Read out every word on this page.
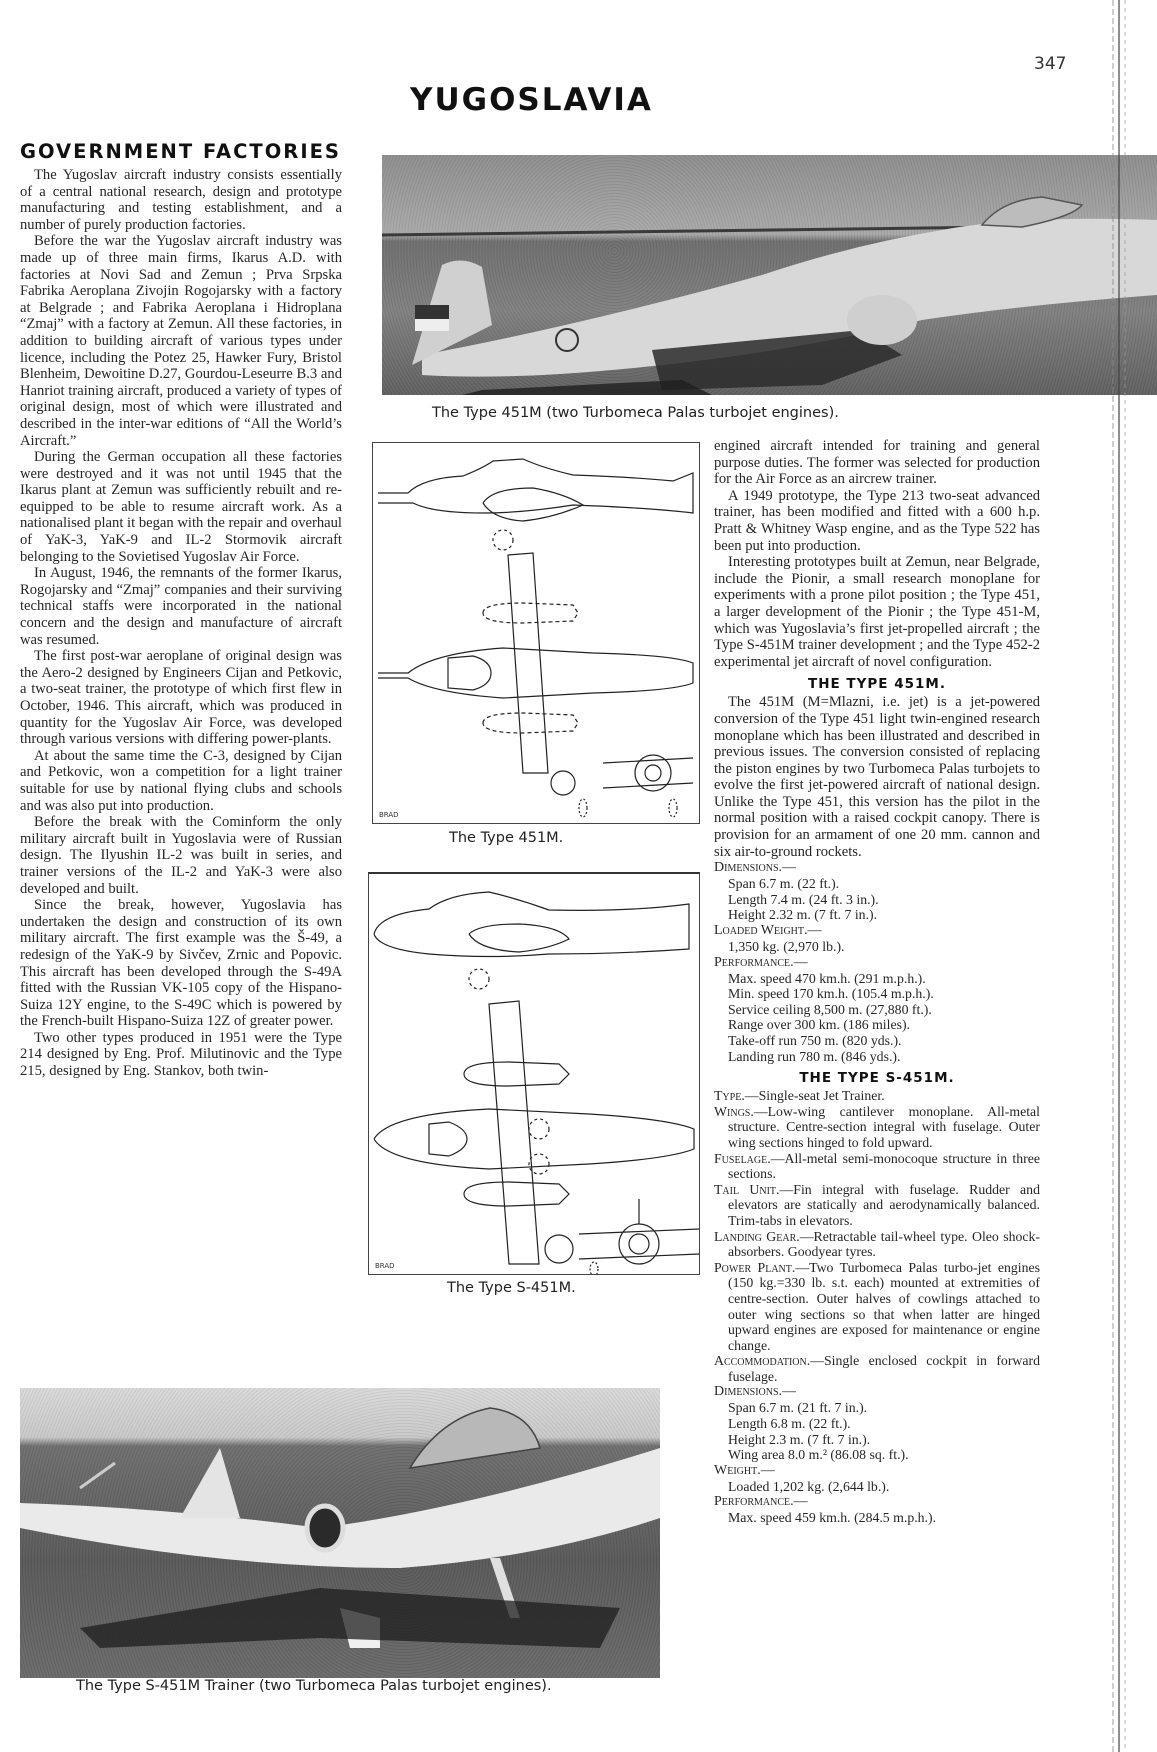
347
YUGOSLAVIA
GOVERNMENT FACTORIES

The Yugoslav aircraft industry consists essentially of a central national research, design and prototype manufacturing and testing establishment, and a number of purely production factories.

Before the war the Yugoslav aircraft industry was made up of three main firms, Ikarus A.D. with factories at Novi Sad and Zemun ; Prva Srpska Fabrika Aeroplana Zivojin Rogojarsky with a factory at Belgrade ; and Fabrika Aeroplana i Hidroplana “Zmaj” with a factory at Zemun. All these factories, in addition to building aircraft of various types under licence, including the Potez 25, Hawker Fury, Bristol Blenheim, Dewoitine D.27, Gourdou-Leseurre B.3 and Hanriot training aircraft, produced a variety of types of original design, most of which were illustrated and described in the inter-war editions of “All the World’s Aircraft.”

During the German occupation all these factories were destroyed and it was not until 1945 that the Ikarus plant at Zemun was sufficiently rebuilt and re-equipped to be able to resume aircraft work. As a nationalised plant it began with the repair and overhaul of YaK-3, YaK-9 and IL-2 Stormovik aircraft belonging to the Sovietised Yugoslav Air Force.

In August, 1946, the remnants of the former Ikarus, Rogojarsky and “Zmaj” companies and their surviving technical staffs were incorporated in the national concern and the design and manufacture of aircraft was resumed.

The first post-war aeroplane of original design was the Aero-2 designed by Engineers Cijan and Petkovic, a two-seat trainer, the prototype of which first flew in October, 1946. This aircraft, which was produced in quantity for the Yugoslav Air Force, was developed through various versions with differing power-plants.

At about the same time the C-3, designed by Cijan and Petkovic, won a competition for a light trainer suitable for use by national flying clubs and schools and was also put into production.

Before the break with the Cominform the only military aircraft built in Yugoslavia were of Russian design. The Ilyushin IL-2 was built in series, and trainer versions of the IL-2 and YaK-3 were also developed and built.

Since the break, however, Yugoslavia has undertaken the design and construction of its own military aircraft. The first example was the Š-49, a redesign of the YaK-9 by Sivčev, Zrnic and Popovic. This aircraft has been developed through the S-49A fitted with the Russian VK-105 copy of the Hispano-Suiza 12Y engine, to the S-49C which is powered by the French-built Hispano-Suiza 12Z of greater power.

Two other types produced in 1951 were the Type 214 designed by Eng. Prof. Milutinovic and the Type 215, designed by Eng. Stankov, both twin-

The Type 451M (two Turbomeca Palas turbojet engines).
BRAD
The Type 451M.
BRAD
The Type S-451M.
The Type S-451M Trainer (two Turbomeca Palas turbojet engines).

engined aircraft intended for training and general purpose duties. The former was selected for production for the Air Force as an aircrew trainer.

A 1949 prototype, the Type 213 two-seat advanced trainer, has been modified and fitted with a 600 h.p. Pratt & Whitney Wasp engine, and as the Type 522 has been put into production.

Interesting prototypes built at Zemun, near Belgrade, include the Pionir, a small research monoplane for experiments with a prone pilot position ; the Type 451, a larger development of the Pionir ; the Type 451-M, which was Yugoslavia’s first jet-propelled aircraft ; the Type S-451M trainer development ; and the Type 452-2 experimental jet aircraft of novel configuration.

THE TYPE 451M.

The 451M (M=Mlazni, i.e. jet) is a jet-powered conversion of the Type 451 light twin-engined research monoplane which has been illustrated and described in previous issues. The conversion consisted of replacing the piston engines by two Turbomeca Palas turbojets to evolve the first jet-powered aircraft of national design. Unlike the Type 451, this version has the pilot in the normal position with a raised cockpit canopy. There is provision for an armament of one 20 mm. cannon and six air-to-ground rockets.

Dimensions.—
Span 6.7 m. (22 ft.).
Length 7.4 m. (24 ft. 3 in.).
Height 2.32 m. (7 ft. 7 in.).
Loaded Weight.—
1,350 kg. (2,970 lb.).
Performance.—
Max. speed 470 km.h. (291 m.p.h.).
Min. speed 170 km.h. (105.4 m.p.h.).
Service ceiling 8,500 m. (27,880 ft.).
Range over 300 km. (186 miles).
Take-off run 750 m. (820 yds.).
Landing run 780 m. (846 yds.).
THE TYPE S-451M.
Type.—Single-seat Jet Trainer.
Wings.—Low-wing cantilever monoplane. All-metal structure. Centre-section integral with fuselage. Outer wing sections hinged to fold upward.
Fuselage.—All-metal semi-monocoque structure in three sections.
Tail Unit.—Fin integral with fuselage. Rudder and elevators are statically and aerodynamically balanced. Trim-tabs in elevators.
Landing Gear.—Retractable tail-wheel type. Oleo shock-absorbers. Goodyear tyres.
Power Plant.—Two Turbomeca Palas turbo-jet engines (150 kg.=330 lb. s.t. each) mounted at extremities of centre-section. Outer halves of cowlings attached to outer wing sections so that when latter are hinged upward engines are exposed for maintenance or engine change.
Accommodation.—Single enclosed cockpit in forward fuselage.
Dimensions.—
Span 6.7 m. (21 ft. 7 in.).
Length 6.8 m. (22 ft.).
Height 2.3 m. (7 ft. 7 in.).
Wing area 8.0 m.² (86.08 sq. ft.).
Weight.—
Loaded 1,202 kg. (2,644 lb.).
Performance.—
Max. speed 459 km.h. (284.5 m.p.h.).
